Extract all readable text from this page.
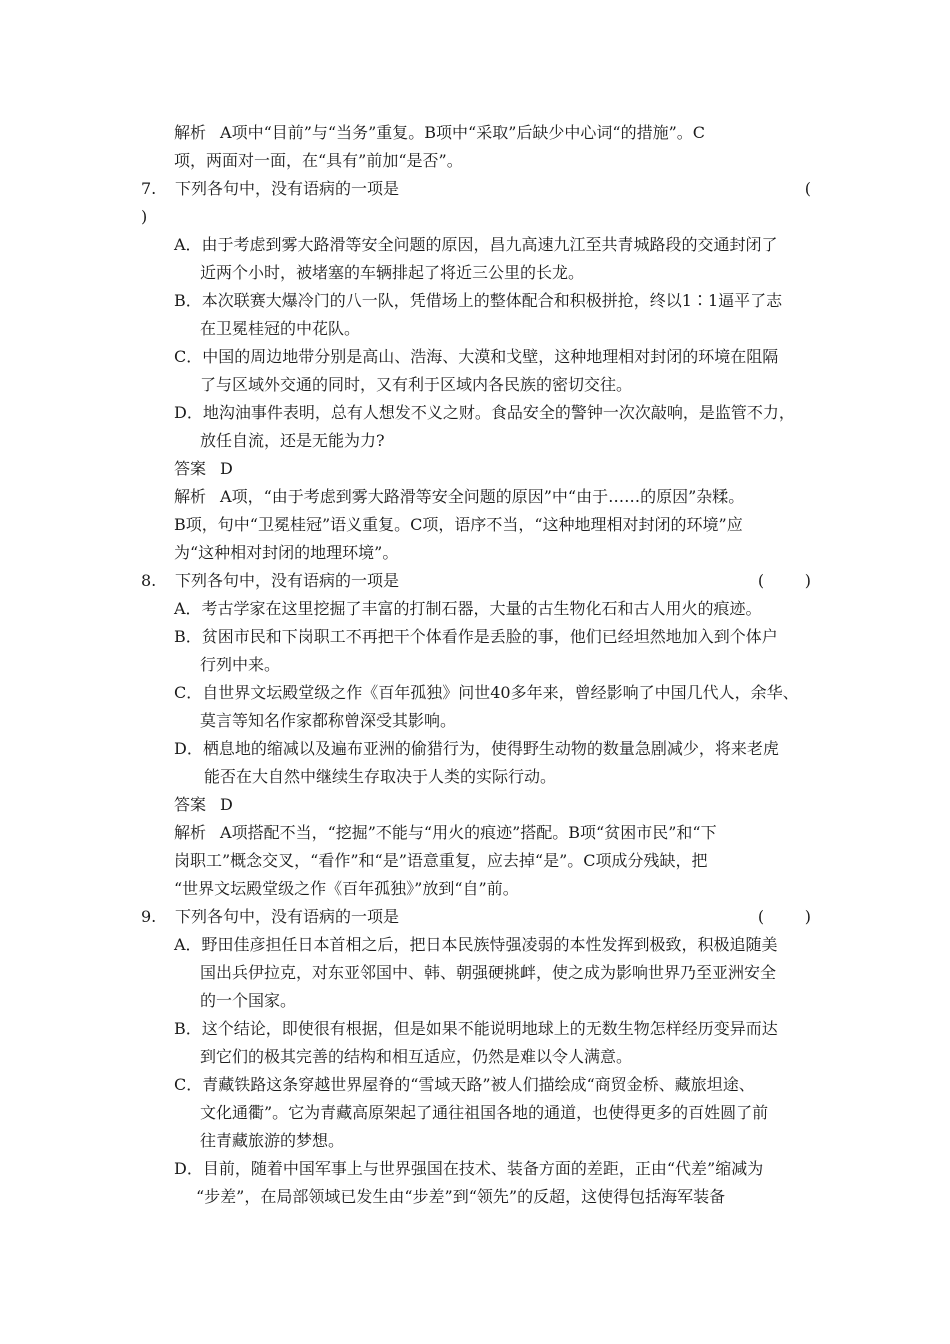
解析 A项中“目前”与“当务”重复。B项中“采取”后缺少中心词“的措施”。C
项，两面对一面，在“具有”前加“是否”。
7. 下列各句中，没有语病的一项是	(
)
A．由于考虑到雾大路滑等安全问题的原因，昌九高速九江至共青城路段的交通封闭了
近两个小时，被堵塞的车辆排起了将近三公里的长龙。
B．本次联赛大爆冷门的八一队，凭借场上的整体配合和积极拼抢，终以1∶1逼平了志
在卫冕桂冠的中花队。
C．中国的周边地带分别是高山、浩海、大漠和戈壁，这种地理相对封闭的环境在阻隔
了与区域外交通的同时，又有利于区域内各民族的密切交往。
D．地沟油事件表明，总有人想发不义之财。食品安全的警钟一次次敲响，是监管不力，
放任自流，还是无能为力?
答案 D
解析 A项，“由于考虑到雾大路滑等安全问题的原因”中“由于……的原因”杂糅。
B项，句中“卫冕桂冠”语义重复。C项，语序不当，“这种地理相对封闭的环境”应
为“这种相对封闭的地理环境”。
8. 下列各句中，没有语病的一项是	(        )
A．考古学家在这里挖掘了丰富的打制石器，大量的古生物化石和古人用火的痕迹。
B．贫困市民和下岗职工不再把干个体看作是丢脸的事，他们已经坦然地加入到个体户
行列中来。
C．自世界文坛殿堂级之作《百年孤独》问世40多年来，曾经影响了中国几代人，余华、
莫言等知名作家都称曾深受其影响。
D．栖息地的缩减以及遍布亚洲的偷猎行为，使得野生动物的数量急剧减少，将来老虎
能否在大自然中继续生存取决于人类的实际行动。
答案 D
解析 A项搭配不当，“挖掘”不能与“用火的痕迹”搭配。B项“贫困市民”和“下
岗职工”概念交叉，“看作”和“是”语意重复，应去掉“是”。C项成分残缺，把
“世界文坛殿堂级之作《百年孤独》”放到“自”前。
9. 下列各句中，没有语病的一项是	(        )
A．野田佳彦担任日本首相之后，把日本民族恃强凌弱的本性发挥到极致，积极追随美
国出兵伊拉克，对东亚邻国中、韩、朝强硬挑衅，使之成为影响世界乃至亚洲安全
的一个国家。
B．这个结论，即使很有根据，但是如果不能说明地球上的无数生物怎样经历变异而达
到它们的极其完善的结构和相互适应，仍然是难以令人满意。
C．青藏铁路这条穿越世界屋脊的“雪域天路”被人们描绘成“商贸金桥、藏旅坦途、
文化通衢”。它为青藏高原架起了通往祖国各地的通道，也使得更多的百姓圆了前
往青藏旅游的梦想。
D．目前，随着中国军事上与世界强国在技术、装备方面的差距，正由“代差”缩减为
“步差”，在局部领域已发生由“步差”到“领先”的反超，这使得包括海军装备
